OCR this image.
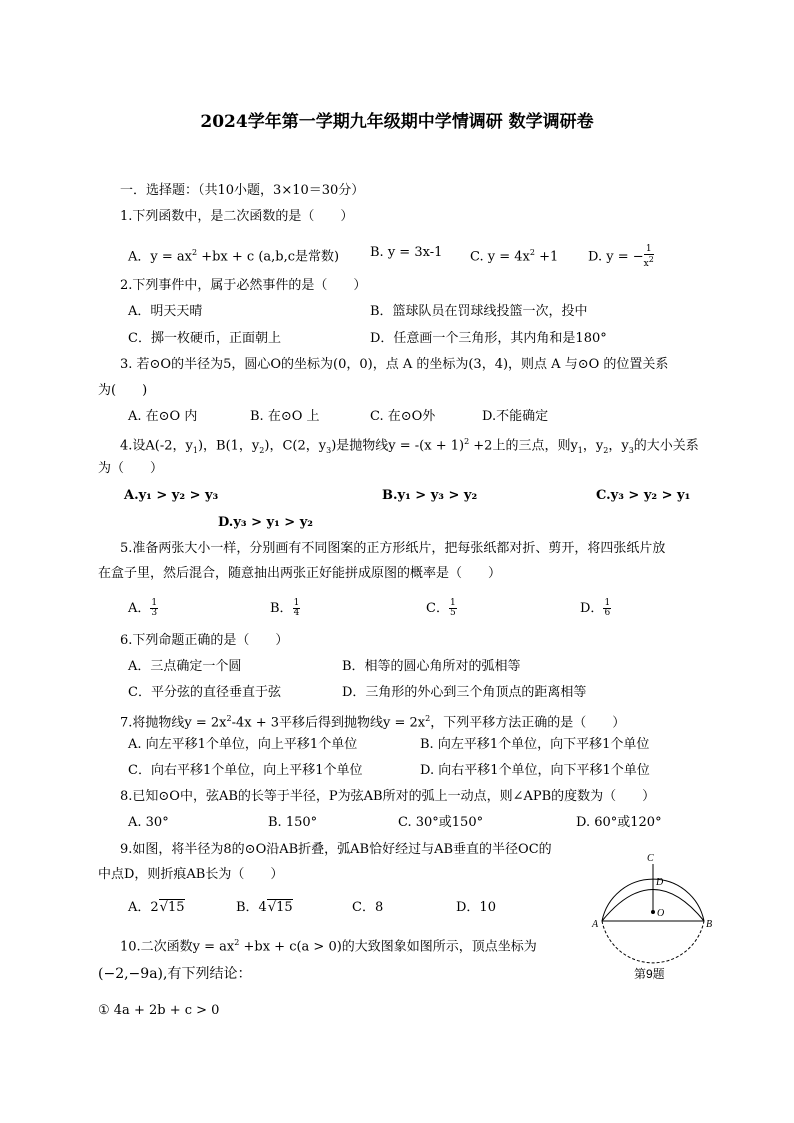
2024学年第一学期九年级期中学情调研 数学调研卷
一．选择题：（共10小题，3×10＝30分）
1.下列函数中，是二次函数的是（　　）
A．$y = ax^2 +bx + c$ (a,b,c是常数) B. y = 3x-1 C. $y = 4x^2 +1$ D. y = − $\frac{1}{x^2}$
2.下列事件中，属于必然事件的是（　　）
A．明天天晴	B．篮球队员在罚球线投篮一次，投中
C．掷一枚硬币，正面朝上	D．任意画一个三角形，其内角和是180°
3. 若⊙O的半径为5，圆心O的坐标为(0，0)，点 A 的坐标为(3，4)，则点 A 与⊙O 的位置关系
为(　　)
A. 在⊙O 内	B. 在⊙O 上	C. 在⊙O外	D.不能确定
4.设A(-2，$y_1$)，B(1，$y_2$)，C(2，$y_3$)是抛物线$y = -(x + 1)^2 +2$上的三点，则$y_1$，$y_2$，$y_3$的大小关系
为（　　）
A.y₁ > y₂ > y₃	B.y₁ > y₃ > y₂	C.y₃ > y₂ > y₁
D.y₃ > y₁ > y₂
5.准备两张大小一样，分别画有不同图案的正方形纸片，把每张纸都对折、剪开，将四张纸片放
在盒子里，然后混合，随意抽出两张正好能拼成原图的概率是（　　）
A． $\frac{1}{3}$	B． $\frac{1}{4}$	C． $\frac{1}{5}$	D． $\frac{1}{6}$
6.下列命题正确的是（　　）
A．三点确定一个圆	B．相等的圆心角所对的弧相等
C．平分弦的直径垂直于弦	D．三角形的外心到三个角顶点的距离相等
7.将抛物线$y = 2x^2-4x + 3$平移后得到抛物线$y = 2x^2$，下列平移方法正确的是（　　）
A. 向左平移1个单位，向上平移1个单位	B. 向左平移1个单位，向下平移1个单位
C．向右平移1个单位，向上平移1个单位	D. 向右平移1个单位，向下平移1个单位
8.已知⊙O中，弦AB的长等于半径，P为弦AB所对的弧上一动点，则∠APB的度数为（　　）
A. 30°	B. 150°	C. 30°或150°	D. 60°或120°
9.如图，将半径为8的⊙O沿AB折叠，弧AB恰好经过与AB垂直的半径OC的
中点D，则折痕AB长为（　　）
A．2√15	B．4√15	C．8	D．10
C
D
O
A	B
第9题
10.二次函数$y = ax^2 +bx + c(a > 0)$的大致图象如图所示，顶点坐标为
(−2,−9a),有下列结论：
① 4a + 2b + c > 0
